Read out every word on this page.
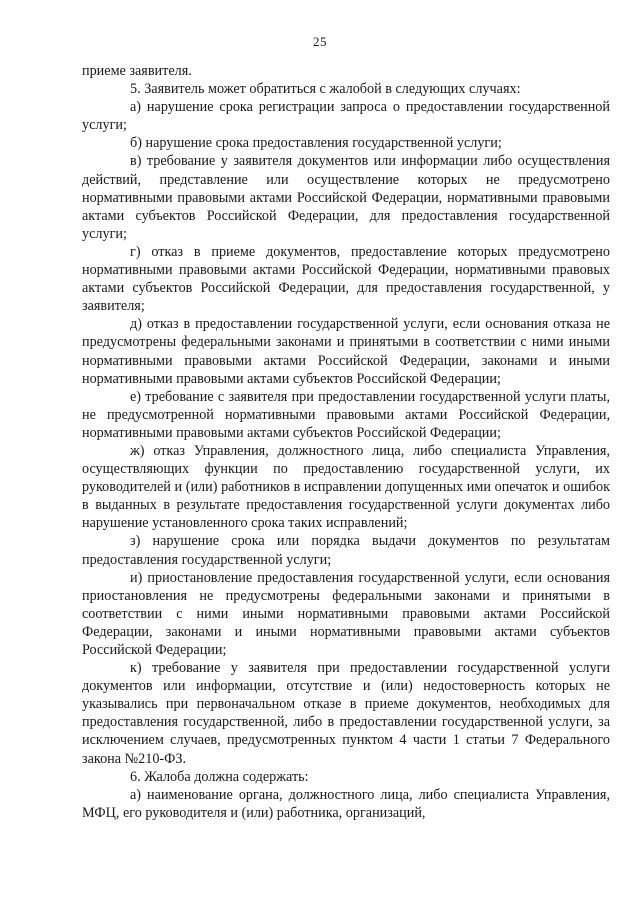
25

приеме заявителя.

5. Заявитель может обратиться с жалобой в следующих случаях:

а) нарушение срока регистрации запроса о предоставлении государственной услуги;

б) нарушение срока предоставления государственной услуги;

в) требование у заявителя документов или информации либо осуществления действий, представление или осуществление которых не предусмотрено нормативными правовыми актами Российской Федерации, нормативными правовыми актами субъектов Российской Федерации, для предоставления государственной услуги;

г) отказ в приеме документов, предоставление которых предусмотрено нормативными правовыми актами Российской Федерации, нормативными правовых актами субъектов Российской Федерации, для предоставления государственной, у заявителя;

д) отказ в предоставлении государственной услуги, если основания отказа не предусмотрены федеральными законами и принятыми в соответствии с ними иными нормативными правовыми актами Российской Федерации, законами и иными нормативными правовыми актами субъектов Российской Федерации;

е) требование с заявителя при предоставлении государственной услуги платы, не предусмотренной нормативными правовыми актами Российской Федерации, нормативными правовыми актами субъектов Российской Федерации;

ж) отказ Управления, должностного лица, либо специалиста Управления, осуществляющих функции по предоставлению государственной услуги, их руководителей и (или) работников в исправлении допущенных ими опечаток и ошибок в выданных в результате предоставления государственной услуги документах либо нарушение установленного срока таких исправлений;

з) нарушение срока или порядка выдачи документов по результатам предоставления государственной услуги;

и) приостановление предоставления государственной услуги, если основания приостановления не предусмотрены федеральными законами и принятыми в соответствии с ними иными нормативными правовыми актами Российской Федерации, законами и иными нормативными правовыми актами субъектов Российской Федерации;

к) требование у заявителя при предоставлении государственной услуги документов или информации, отсутствие и (или) недостоверность которых не указывались при первоначальном отказе в приеме документов, необходимых для предоставления государственной, либо в предоставлении государственной услуги, за исключением случаев, предусмотренных пунктом 4 части 1 статьи 7 Федерального закона №210-ФЗ.

6. Жалоба должна содержать:

а) наименование органа, должностного лица, либо специалиста Управления, МФЦ, его руководителя и (или) работника, организаций,
